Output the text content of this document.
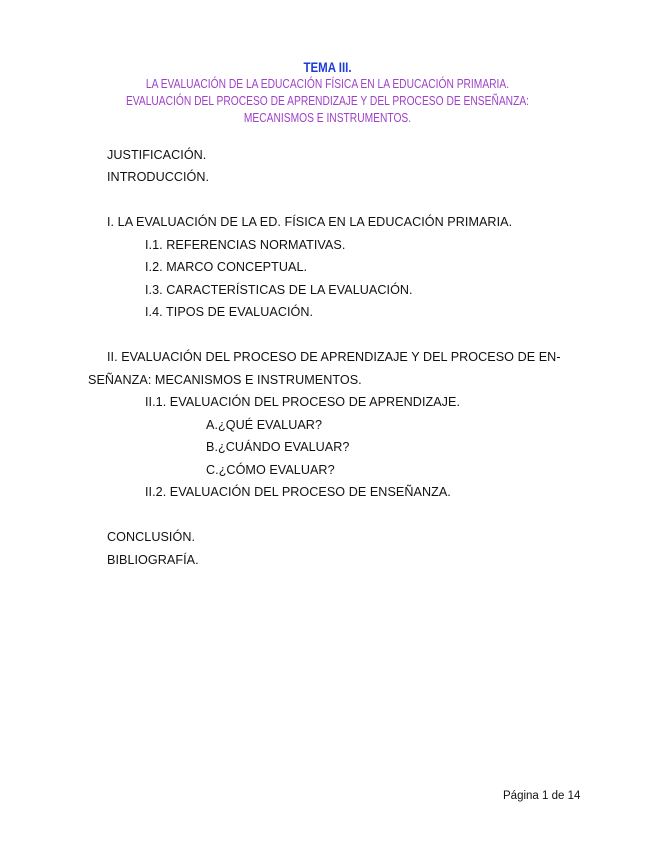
TEMA III.

LA EVALUACIÓN DE LA EDUCACIÓN FÍSICA EN LA EDUCACIÓN PRIMARIA.

EVALUACIÓN DEL PROCESO DE APRENDIZAJE Y DEL PROCESO DE ENSEÑANZA:

MECANISMOS E INSTRUMENTOS.

JUSTIFICACIÓN.
INTRODUCCIÓN.
I. LA EVALUACIÓN DE LA ED. FÍSICA EN LA EDUCACIÓN PRIMARIA.
I.1. REFERENCIAS NORMATIVAS.
I.2. MARCO CONCEPTUAL.
I.3. CARACTERÍSTICAS DE LA EVALUACIÓN.
I.4. TIPOS DE EVALUACIÓN.
II. EVALUACIÓN DEL PROCESO DE APRENDIZAJE Y DEL PROCESO DE EN-
SEÑANZA: MECANISMOS E INSTRUMENTOS.
II.1. EVALUACIÓN DEL PROCESO DE APRENDIZAJE.
A.¿QUÉ EVALUAR?
B.¿CUÁNDO EVALUAR?
C.¿CÓMO EVALUAR?
II.2. EVALUACIÓN DEL PROCESO DE ENSEÑANZA.
CONCLUSIÓN.
BIBLIOGRAFÍA.
Página 1 de 14
